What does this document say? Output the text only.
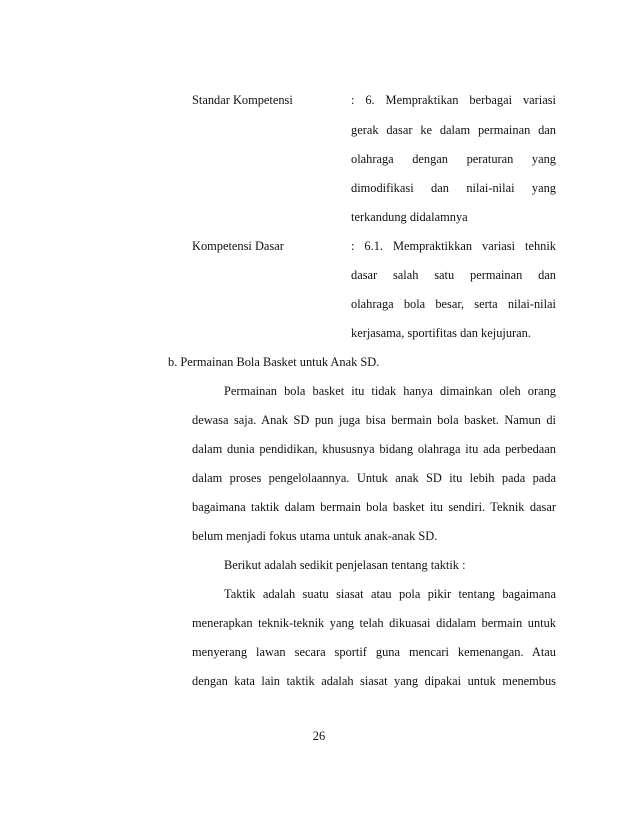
Standar Kompetensi	: 6. Mempraktikan berbagai variasi
gerak dasar ke dalam permainan dan
olahraga dengan peraturan yang
dimodifikasi dan nilai-nilai yang
terkandung didalamnya
Kompetensi Dasar	: 6.1. Mempraktikkan variasi tehnik
dasar salah satu permainan dan
olahraga bola besar, serta nilai-nilai
kerjasama, sportifitas dan kejujuran.
b. Permainan Bola Basket untuk Anak SD.
Permainan bola basket itu tidak hanya dimainkan oleh orang
dewasa saja. Anak SD pun juga bisa bermain bola basket. Namun di
dalam dunia pendidikan, khususnya bidang olahraga itu ada perbedaan
dalam proses pengelolaannya. Untuk anak SD itu lebih pada pada
bagaimana taktik dalam bermain bola basket itu sendiri. Teknik dasar
belum menjadi fokus utama untuk anak-anak SD.
Berikut adalah sedikit penjelasan tentang taktik :
Taktik adalah suatu siasat atau pola pikir tentang bagaimana
menerapkan teknik-teknik yang telah dikuasai didalam bermain untuk
menyerang lawan secara sportif guna mencari kemenangan. Atau
dengan kata lain taktik adalah siasat yang dipakai untuk menembus
26
